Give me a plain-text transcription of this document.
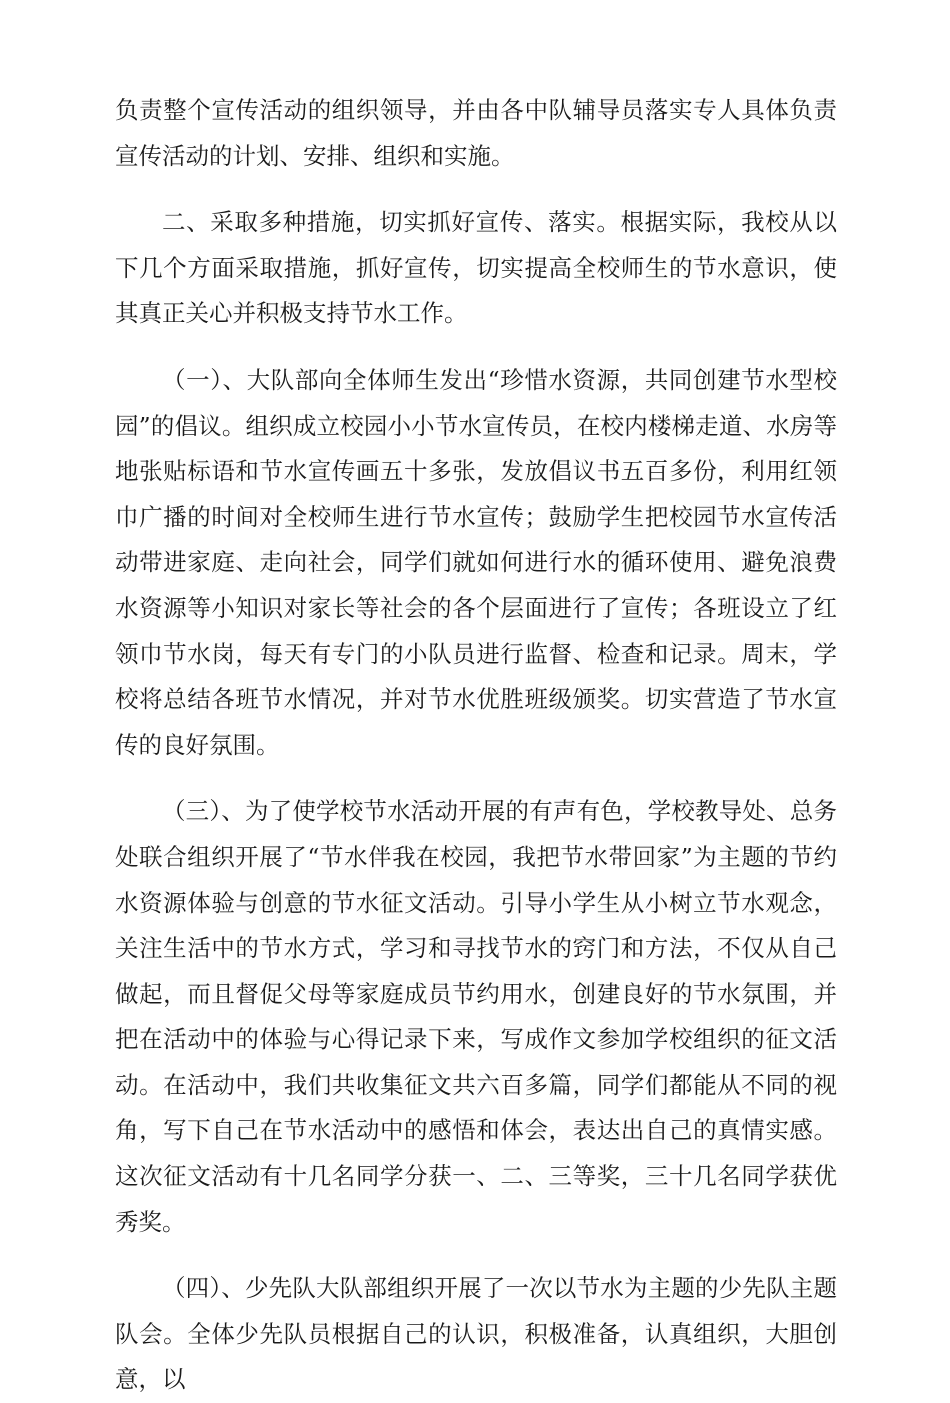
负责整个宣传活动的组织领导，并由各中队辅导员落实专人具体负责宣传活动的计划、安排、组织和实施。

二、采取多种措施，切实抓好宣传、落实。根据实际，我校从以下几个方面采取措施，抓好宣传，切实提高全校师生的节水意识，使其真正关心并积极支持节水工作。

（一）、大队部向全体师生发出“珍惜水资源，共同创建节水型校园”的倡议。组织成立校园小小节水宣传员，在校内楼梯走道、水房等地张贴标语和节水宣传画五十多张，发放倡议书五百多份，利用红领巾广播的时间对全校师生进行节水宣传；鼓励学生把校园节水宣传活动带进家庭、走向社会，同学们就如何进行水的循环使用、避免浪费水资源等小知识对家长等社会的各个层面进行了宣传；各班设立了红领巾节水岗，每天有专门的小队员进行监督、检查和记录。周末，学校将总结各班节水情况，并对节水优胜班级颁奖。切实营造了节水宣传的良好氛围。

（三）、为了使学校节水活动开展的有声有色，学校教导处、总务处联合组织开展了“节水伴我在校园，我把节水带回家”为主题的节约水资源体验与创意的节水征文活动。引导小学生从小树立节水观念，关注生活中的节水方式，学习和寻找节水的窍门和方法，不仅从自己做起，而且督促父母等家庭成员节约用水，创建良好的节水氛围，并把在活动中的体验与心得记录下来，写成作文参加学校组织的征文活动。在活动中，我们共收集征文共六百多篇，同学们都能从不同的视角，写下自己在节水活动中的感悟和体会，表达出自己的真情实感。这次征文活动有十几名同学分获一、二、三等奖，三十几名同学获优秀奖。

（四）、少先队大队部组织开展了一次以节水为主题的少先队主题队会。全体少先队员根据自己的认识，积极准备，认真组织，大胆创意，以
